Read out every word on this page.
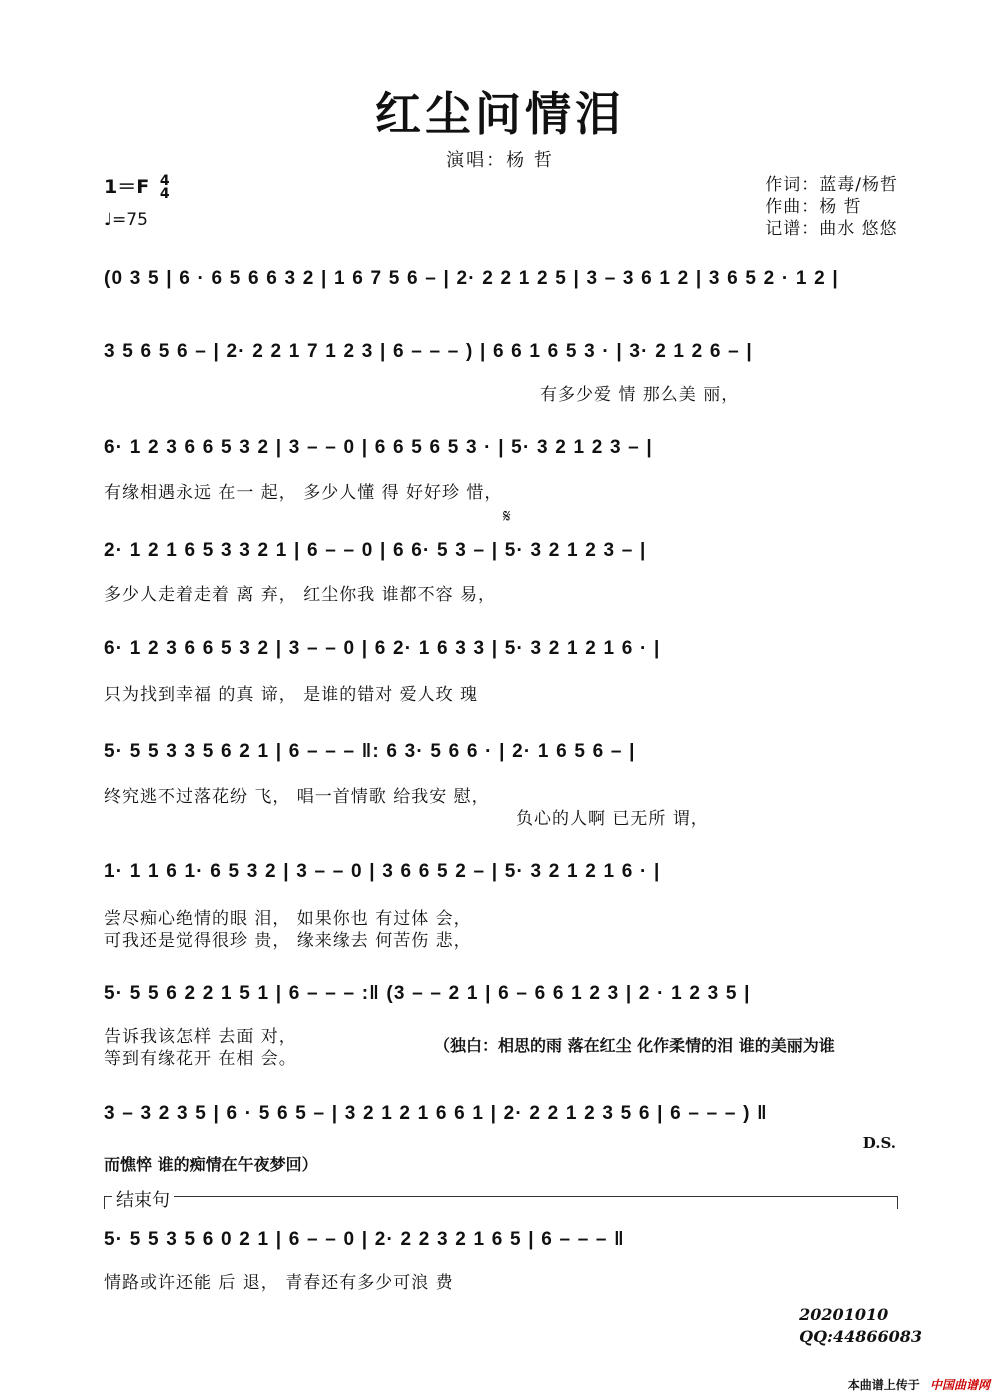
红尘问情泪
演唱：杨 哲
1＝F 4
4
♩=75
作词：蓝毒/杨哲
作曲：杨 哲
记谱：曲水 悠悠
(0 3 5 | 6 · 6 5 6 6 3 2 | 1 6 7 5 6 – | 2· 2 2 1 2 5 | 3 – 3 6 1 2 | 3 6 5 2 · 1 2 |
3 5 6 5 6 – | 2· 2 2 1 7 1 2 3 | 6 – – – ) | 6 6 1 6 5 3 · | 3· 2 1 2 6 – |
有多少爱 情 那么美 丽，
6· 1 2 3 6 6 5 3 2 | 3 – – 0 | 6 6 5 6 5 3 · | 5· 3 2 1 2 3 – |
有缘相遇永远 在一 起， 多少人懂 得 好好珍 惜，
𝄋
2· 1 2 1 6 5 3 3 2 1 | 6 – – 0 | 6 6· 5 3 – | 5· 3 2 1 2 3 – |
多少人走着走着 离 弃， 红尘你我 谁都不容 易，
6· 1 2 3 6 6 5 3 2 | 3 – – 0 | 6 2· 1 6 3 3 | 5· 3 2 1 2 1 6 · |
只为找到幸福 的真 谛， 是谁的错对 爱人玫 瑰
5· 5 5 3 3 5 6 2 1 | 6 – – – ‖: 6 3· 5 6 6 · | 2· 1 6 5 6 – |
终究逃不过落花纷 飞， 唱一首情歌 给我安 慰，
负心的人啊 已无所 谓，
1· 1 1 6 1· 6 5 3 2 | 3 – – 0 | 3 6 6 5 2 – | 5· 3 2 1 2 1 6 · |
尝尽痴心绝情的眼 泪， 如果你也 有过体 会，
可我还是觉得很珍 贵， 缘来缘去 何苦伤 悲，
5· 5 5 6 2 2 1 5 1 | 6 – – – :‖ (3 – – 2 1 | 6 – 6 6 1 2 3 | 2 · 1 2 3 5 |
告诉我该怎样 去面 对，
等到有缘花开 在相 会。
（独白：相思的雨 落在红尘 化作柔情的泪 谁的美丽为谁
3 – 3 2 3 5 | 6 · 5 6 5 – | 3 2 1 2 1 6 6 1 | 2· 2 2 1 2 3 5 6 | 6 – – – ) ‖
而憔悴 谁的痴情在午夜梦回）
D.S.
结束句
5· 5 5 3 5 6 0 2 1 | 6 – – 0 | 2· 2 2 3 2 1 6 5 | 6 – – – ‖
情路或许还能 后 退， 青春还有多少可浪 费
20201010
QQ:44866083
本曲谱上传于 中国曲谱网
